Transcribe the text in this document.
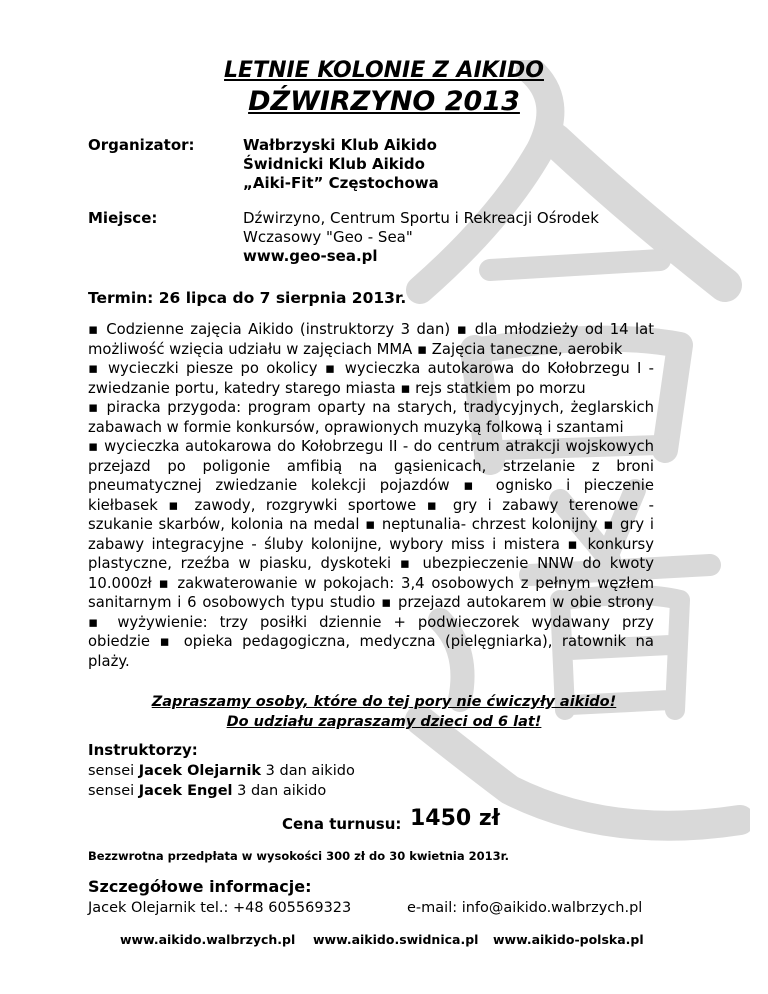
LETNIE KOLONIE Z AIKIDO
DŹWIRZYNO 2013
Organizator:	Wałbrzyski Klub Aikido
Świdnicki Klub Aikido
„Aiki-Fit” Częstochowa
Miejsce:	Dźwirzyno, Centrum Sportu i Rekreacji Ośrodek
Wczasowy "Geo - Sea"
www.geo-sea.pl
Termin: 26 lipca do 7 sierpnia 2013r.
▪ Codzienne zajęcia Aikido (instruktorzy 3 dan) ▪ dla młodzieży od 14 lat możliwość wzięcia udziału w zajęciach MMA ▪ Zajęcia taneczne, aerobik
▪ wycieczki piesze po okolicy ▪ wycieczka autokarowa do Kołobrzegu I - zwiedzanie portu, katedry starego miasta ▪ rejs statkiem po morzu
▪ piracka przygoda: program oparty na starych, tradycyjnych, żeglarskich zabawach w formie konkursów, oprawionych muzyką folkową i szantami
▪ wycieczka autokarowa do Kołobrzegu II - do centrum atrakcji wojskowych przejazd po poligonie amfibią na gąsienicach, strzelanie z broni pneumatycznej zwiedzanie kolekcji pojazdów ▪ ognisko i pieczenie kiełbasek ▪ zawody, rozgrywki sportowe ▪ gry i zabawy terenowe - szukanie skarbów, kolonia na medal ▪ neptunalia- chrzest kolonijny ▪ gry i zabawy integracyjne - śluby kolonijne, wybory miss i mistera ▪ konkursy plastyczne, rzeźba w piasku, dyskoteki ▪ ubezpieczenie NNW do kwoty 10.000zł ▪ zakwaterowanie w pokojach: 3,4 osobowych z pełnym węzłem sanitarnym i 6 osobowych typu studio ▪ przejazd autokarem w obie strony ▪ wyżywienie: trzy posiłki dziennie + podwieczorek wydawany przy obiedzie ▪ opieka pedagogiczna, medyczna (pielęgniarka), ratownik na plaży.
Zapraszamy osoby, które do tej pory nie ćwiczyły aikido!
Do udziału zapraszamy dzieci od 6 lat!
Instruktorzy:
sensei Jacek Olejarnik 3 dan aikido
sensei Jacek Engel 3 dan aikido
Cena turnusu: 1450 zł
Bezzwrotna przedpłata w wysokości 300 zł do 30 kwietnia 2013r.
Szczegółowe informacje:
Jacek Olejarnik tel.: +48 605569323	e-mail: info@aikido.walbrzych.pl
www.aikido.walbrzych.pl www.aikido.swidnica.pl www.aikido-polska.pl
